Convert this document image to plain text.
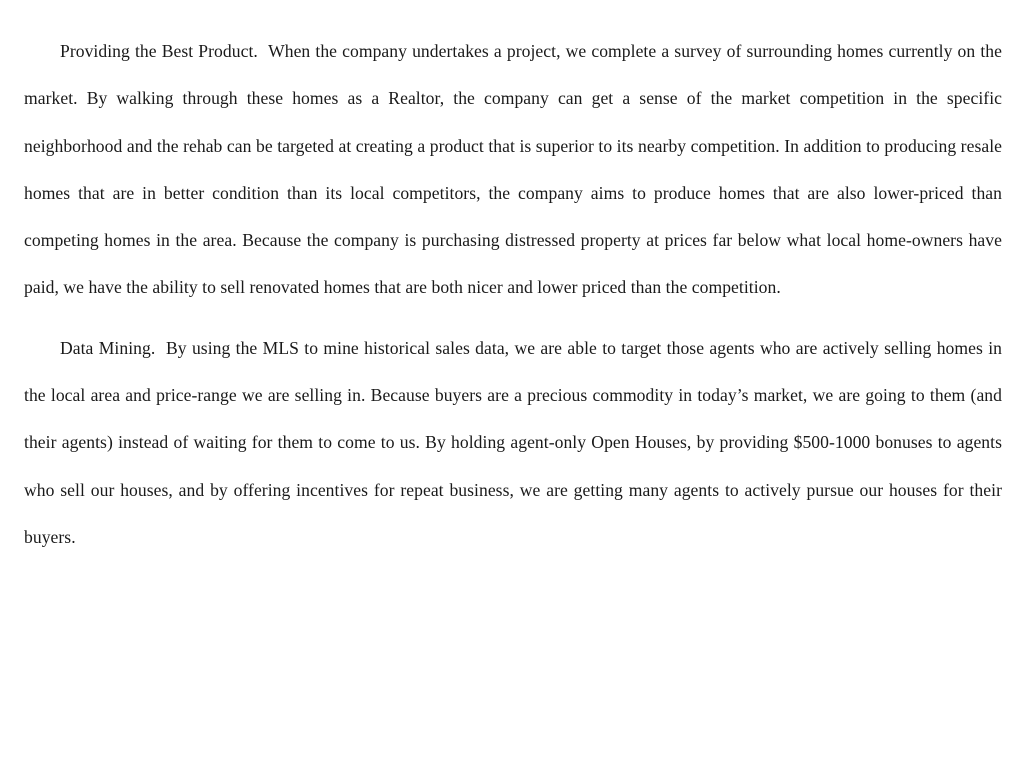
Providing the Best Product. When the company undertakes a project, we complete a survey of surrounding homes currently on the market. By walking through these homes as a Realtor, the company can get a sense of the market competition in the specific neighborhood and the rehab can be targeted at creating a product that is superior to its nearby competition. In addition to producing resale homes that are in better condition than its local competitors, the company aims to produce homes that are also lower-priced than competing homes in the area. Because the company is purchasing distressed property at prices far below what local home-owners have paid, we have the ability to sell renovated homes that are both nicer and lower priced than the competition.

Data Mining. By using the MLS to mine historical sales data, we are able to target those agents who are actively selling homes in the local area and price-range we are selling in. Because buyers are a precious commodity in today’s market, we are going to them (and their agents) instead of waiting for them to come to us. By holding agent-only Open Houses, by providing $500-1000 bonuses to agents who sell our houses, and by offering incentives for repeat business, we are getting many agents to actively pursue our houses for their buyers.
